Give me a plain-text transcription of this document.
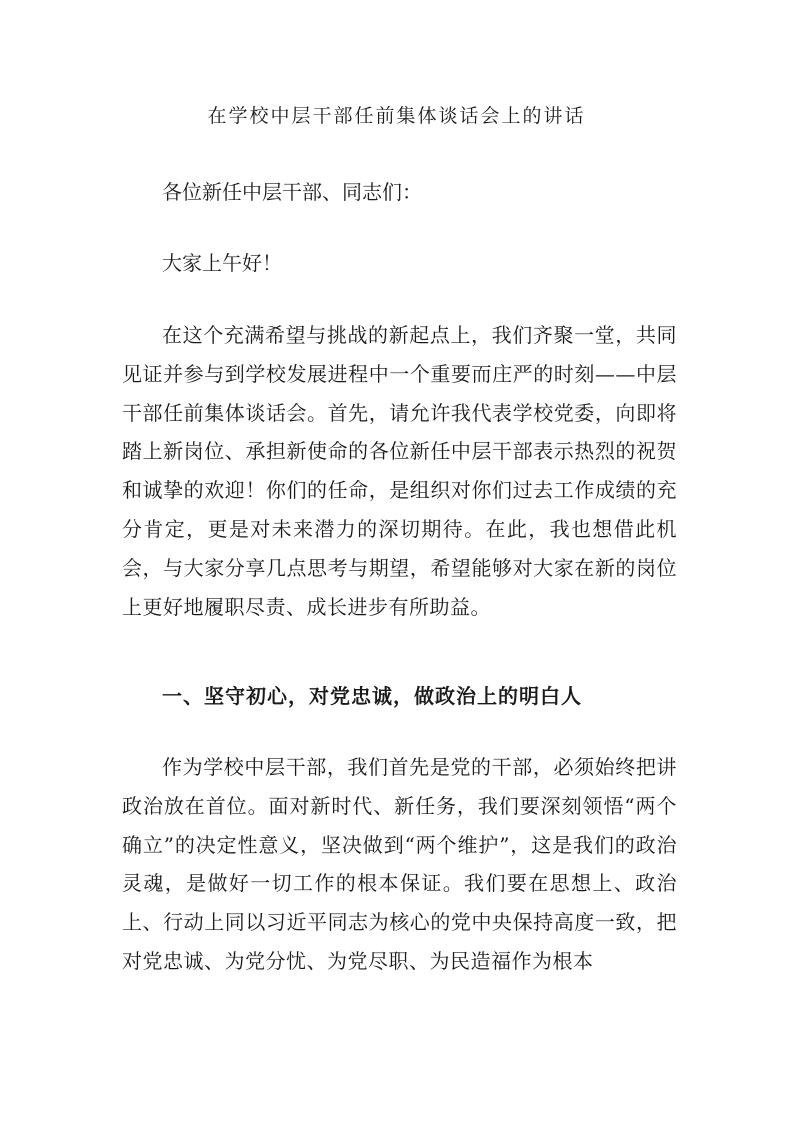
在学校中层干部任前集体谈话会上的讲话
各位新任中层干部、同志们：
大家上午好！
在这个充满希望与挑战的新起点上，我们齐聚一堂，共同见证并参与到学校发展进程中一个重要而庄严的时刻——中层干部任前集体谈话会。首先，请允许我代表学校党委，向即将踏上新岗位、承担新使命的各位新任中层干部表示热烈的祝贺和诚挚的欢迎！你们的任命，是组织对你们过去工作成绩的充分肯定，更是对未来潜力的深切期待。在此，我也想借此机会，与大家分享几点思考与期望，希望能够对大家在新的岗位上更好地履职尽责、成长进步有所助益。
一、坚守初心，对党忠诚，做政治上的明白人
作为学校中层干部，我们首先是党的干部，必须始终把讲政治放在首位。面对新时代、新任务，我们要深刻领悟“两个确立”的决定性意义，坚决做到“两个维护”，这是我们的政治灵魂，是做好一切工作的根本保证。我们要在思想上、政治上、行动上同以习近平同志为核心的党中央保持高度一致，把对党忠诚、为党分忧、为党尽职、为民造福作为根本
